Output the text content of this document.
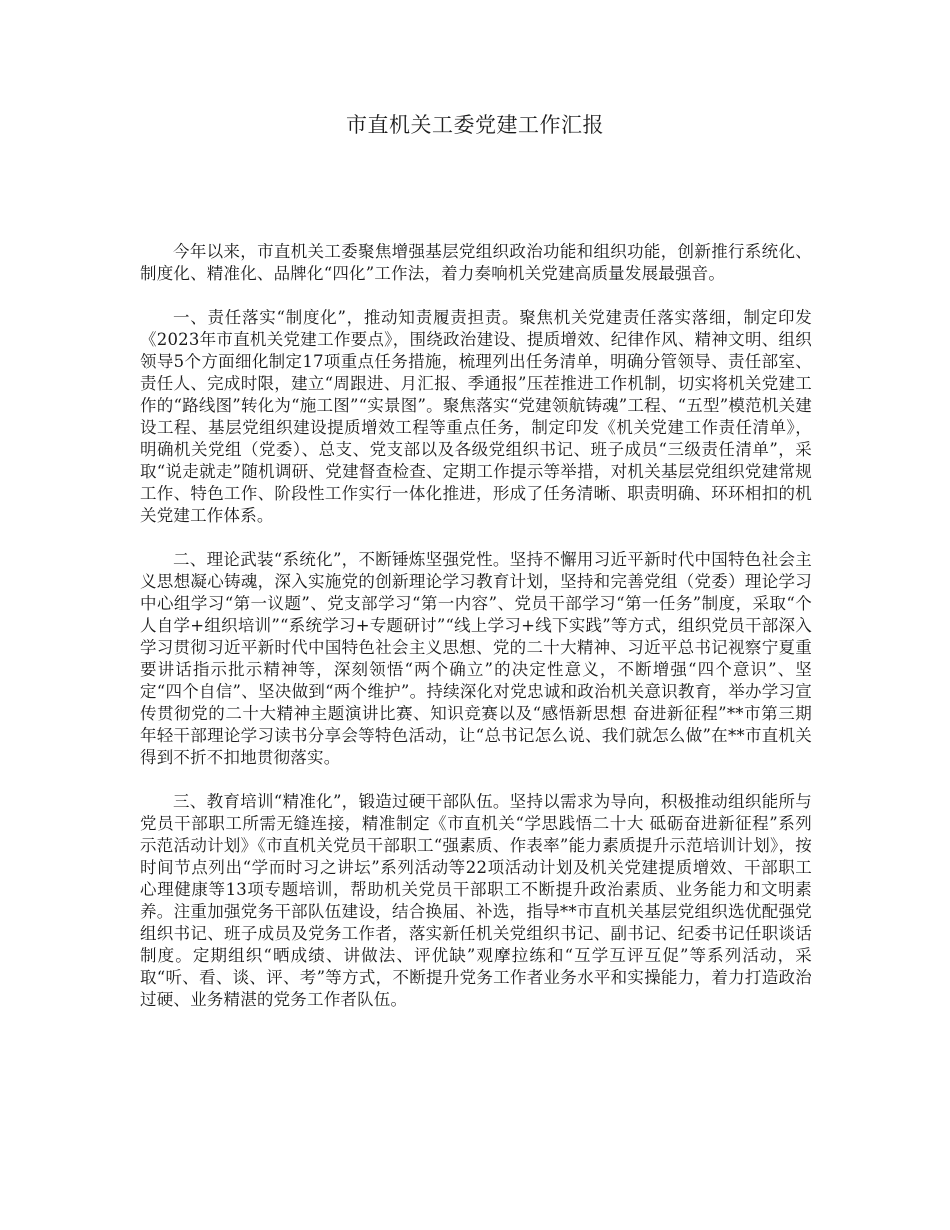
市直机关工委党建工作汇报

今年以来，市直机关工委聚焦增强基层党组织政治功能和组织功能，创新推行系统化、制度化、精准化、品牌化“四化”工作法，着力奏响机关党建高质量发展最强音。

一、责任落实“制度化”，推动知责履责担责。聚焦机关党建责任落实落细，制定印发《2023年市直机关党建工作要点》，围绕政治建设、提质增效、纪律作风、精神文明、组织领导5个方面细化制定17项重点任务措施，梳理列出任务清单，明确分管领导、责任部室、责任人、完成时限，建立“周跟进、月汇报、季通报”压茬推进工作机制，切实将机关党建工作的“路线图”转化为“施工图”“实景图”。聚焦落实“党建领航铸魂”工程、“五型”模范机关建设工程、基层党组织建设提质增效工程等重点任务，制定印发《机关党建工作责任清单》，明确机关党组（党委）、总支、党支部以及各级党组织书记、班子成员“三级责任清单”，采取“说走就走”随机调研、党建督查检查、定期工作提示等举措，对机关基层党组织党建常规工作、特色工作、阶段性工作实行一体化推进，形成了任务清晰、职责明确、环环相扣的机关党建工作体系。

二、理论武装“系统化”，不断锤炼坚强党性。坚持不懈用习近平新时代中国特色社会主义思想凝心铸魂，深入实施党的创新理论学习教育计划，坚持和完善党组（党委）理论学习中心组学习“第一议题”、党支部学习“第一内容”、党员干部学习“第一任务”制度，采取“个人自学+组织培训”“系统学习+专题研讨”“线上学习+线下实践”等方式，组织党员干部深入学习贯彻习近平新时代中国特色社会主义思想、党的二十大精神、习近平总书记视察宁夏重要讲话指示批示精神等，深刻领悟“两个确立”的决定性意义，不断增强“四个意识”、坚定“四个自信”、坚决做到“两个维护”。持续深化对党忠诚和政治机关意识教育，举办学习宣传贯彻党的二十大精神主题演讲比赛、知识竞赛以及“感悟新思想 奋进新征程”**市第三期年轻干部理论学习读书分享会等特色活动，让“总书记怎么说、我们就怎么做”在**市直机关得到不折不扣地贯彻落实。

三、教育培训“精准化”，锻造过硬干部队伍。坚持以需求为导向，积极推动组织能所与党员干部职工所需无缝连接，精准制定《市直机关“学思践悟二十大 砥砺奋进新征程”系列示范活动计划》《市直机关党员干部职工“强素质、作表率”能力素质提升示范培训计划》，按时间节点列出“学而时习之讲坛”系列活动等22项活动计划及机关党建提质增效、干部职工心理健康等13项专题培训，帮助机关党员干部职工不断提升政治素质、业务能力和文明素养。注重加强党务干部队伍建设，结合换届、补选，指导**市直机关基层党组织选优配强党组织书记、班子成员及党务工作者，落实新任机关党组织书记、副书记、纪委书记任职谈话制度。定期组织“晒成绩、讲做法、评优缺”观摩拉练和“互学互评互促”等系列活动，采取“听、看、谈、评、考”等方式，不断提升党务工作者业务水平和实操能力，着力打造政治过硬、业务精湛的党务工作者队伍。
